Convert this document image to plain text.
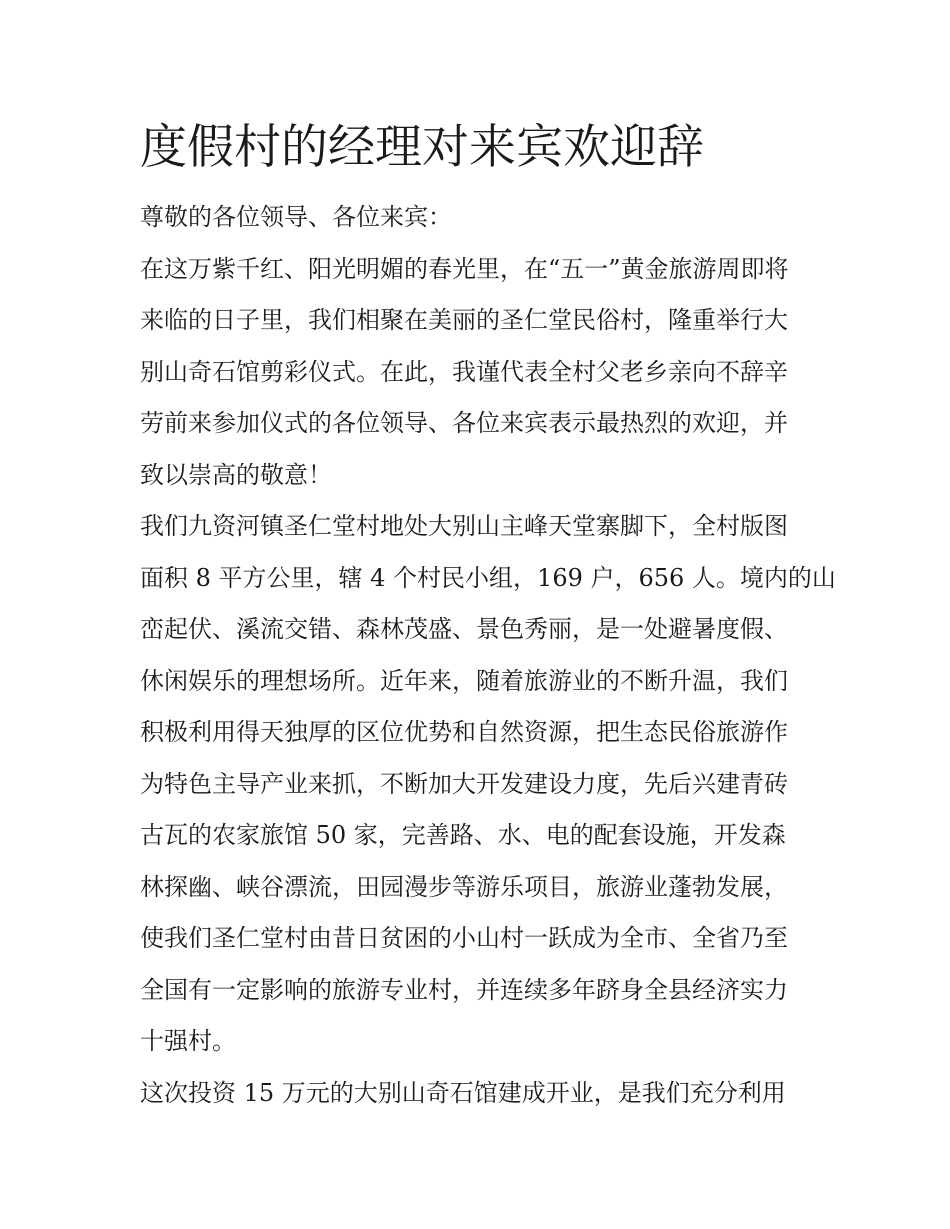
度假村的经理对来宾欢迎辞

尊敬的各位领导、各位来宾：

在这万紫千红、阳光明媚的春光里，在“五一”黄金旅游周即将
来临的日子里，我们相聚在美丽的圣仁堂民俗村，隆重举行大
别山奇石馆剪彩仪式。在此，我谨代表全村父老乡亲向不辞辛
劳前来参加仪式的各位领导、各位来宾表示最热烈的欢迎，并
致以崇高的敬意！

我们九资河镇圣仁堂村地处大别山主峰天堂寨脚下，全村版图
面积 8 平方公里，辖 4 个村民小组，169 户，656 人。境内的山
峦起伏、溪流交错、森林茂盛、景色秀丽，是一处避暑度假、
休闲娱乐的理想场所。近年来，随着旅游业的不断升温，我们
积极利用得天独厚的区位优势和自然资源，把生态民俗旅游作
为特色主导产业来抓，不断加大开发建设力度，先后兴建青砖
古瓦的农家旅馆 50 家，完善路、水、电的配套设施，开发森
林探幽、峡谷漂流，田园漫步等游乐项目，旅游业蓬勃发展，
使我们圣仁堂村由昔日贫困的小山村一跃成为全市、全省乃至
全国有一定影响的旅游专业村，并连续多年跻身全县经济实力
十强村。

这次投资 15 万元的大别山奇石馆建成开业，是我们充分利用
